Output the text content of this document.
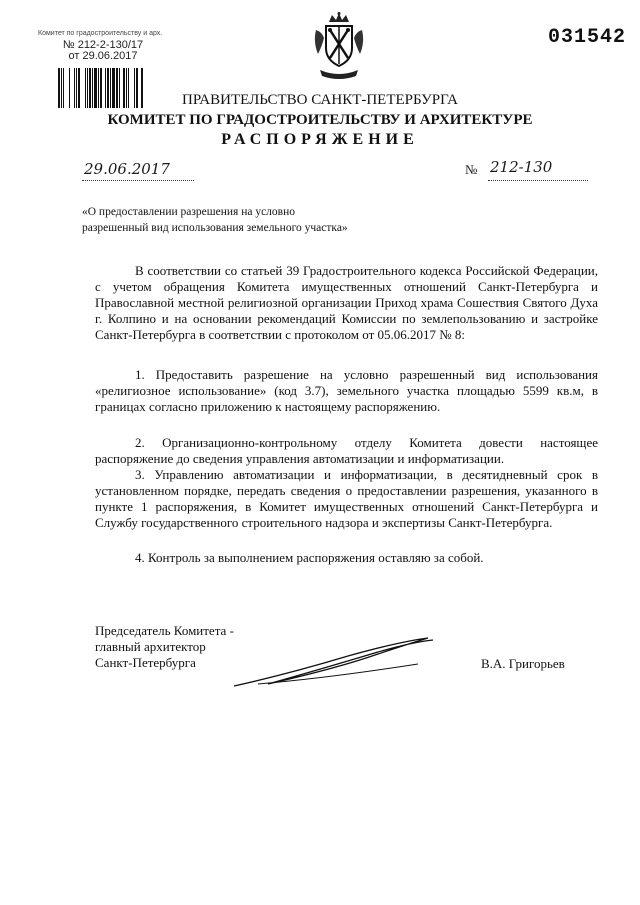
Комитет по градостроительству и арх.
№ 212-2-130/17
от 29.06.2017
031542
ПРАВИТЕЛЬСТВО САНКТ-ПЕТЕРБУРГА
КОМИТЕТ ПО ГРАДОСТРОИТЕЛЬСТВУ И АРХИТЕКТУРЕ
РАСПОРЯЖЕНИЕ
29.06.2017	№ 212-130
«О предоставлении разрешения на условно разрешенный вид использования земельного участка»
В соответствии со статьей 39 Градостроительного кодекса Российской Федерации, с учетом обращения Комитета имущественных отношений Санкт-Петербурга и Православной местной религиозной организации Приход храма Сошествия Святого Духа г. Колпино и на основании рекомендаций Комиссии по землепользованию и застройке Санкт-Петербурга в соответствии с протоколом от 05.06.2017 № 8:
1. Предоставить разрешение на условно разрешенный вид использования «религиозное использование» (код 3.7), земельного участка площадью 5599 кв.м, в границах согласно приложению к настоящему распоряжению.
2. Организационно-контрольному отделу Комитета довести настоящее распоряжение до сведения управления автоматизации и информатизации.
3. Управлению автоматизации и информатизации, в десятидневный срок в установленном порядке, передать сведения о предоставлении разрешения, указанного в пункте 1 распоряжения, в Комитет имущественных отношений Санкт-Петербурга и Службу государственного строительного надзора и экспертизы Санкт-Петербурга.
4. Контроль за выполнением распоряжения оставляю за собой.
Председатель Комитета -
главный архитектор
Санкт-Петербурга	В.А. Григорьев
